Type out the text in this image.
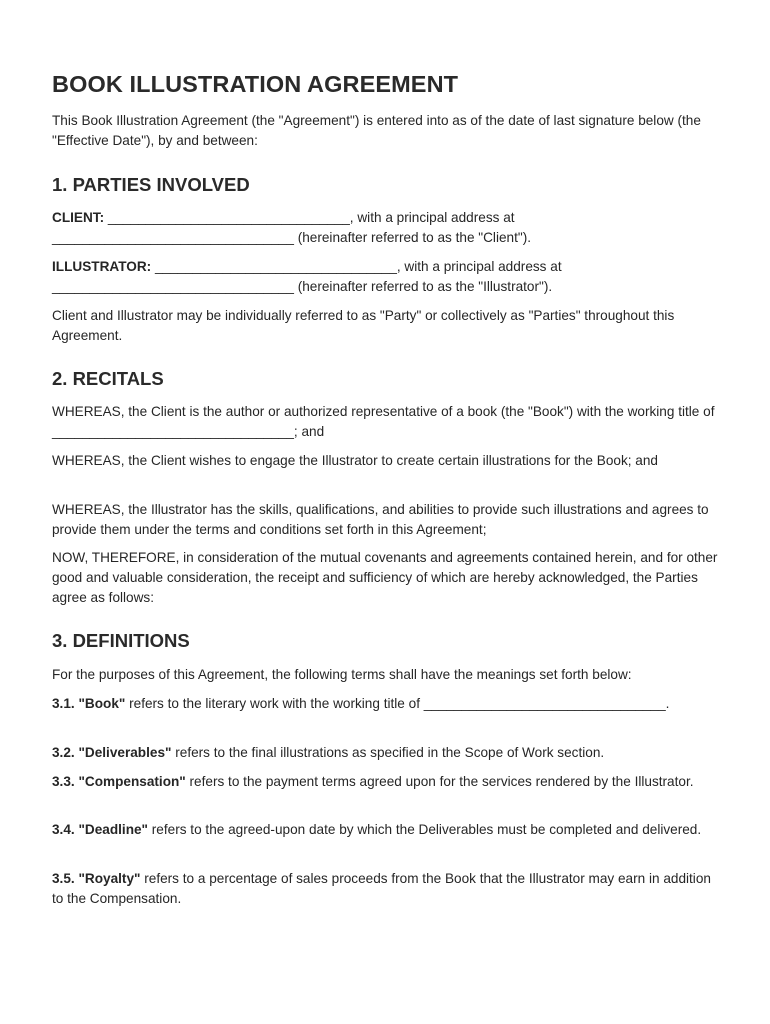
BOOK ILLUSTRATION AGREEMENT

This Book Illustration Agreement (the "Agreement") is entered into as of the date of last signature below (the "Effective Date"), by and between:

1. PARTIES INVOLVED

CLIENT: ________________________________, with a principal address at ________________________________ (hereinafter referred to as the "Client").

ILLUSTRATOR: ________________________________, with a principal address at ________________________________ (hereinafter referred to as the "Illustrator").

Client and Illustrator may be individually referred to as "Party" or collectively as "Parties" throughout this Agreement.

2. RECITALS

WHEREAS, the Client is the author or authorized representative of a book (the "Book") with the working title of ________________________________; and

WHEREAS, the Client wishes to engage the Illustrator to create certain illustrations for the Book; and

WHEREAS, the Illustrator has the skills, qualifications, and abilities to provide such illustrations and agrees to provide them under the terms and conditions set forth in this Agreement;

NOW, THEREFORE, in consideration of the mutual covenants and agreements contained herein, and for other good and valuable consideration, the receipt and sufficiency of which are hereby acknowledged, the Parties agree as follows:

3. DEFINITIONS

For the purposes of this Agreement, the following terms shall have the meanings set forth below:

3.1. "Book" refers to the literary work with the working title of ________________________________.

3.2. "Deliverables" refers to the final illustrations as specified in the Scope of Work section.

3.3. "Compensation" refers to the payment terms agreed upon for the services rendered by the Illustrator.

3.4. "Deadline" refers to the agreed-upon date by which the Deliverables must be completed and delivered.

3.5. "Royalty" refers to a percentage of sales proceeds from the Book that the Illustrator may earn in addition to the Compensation.
